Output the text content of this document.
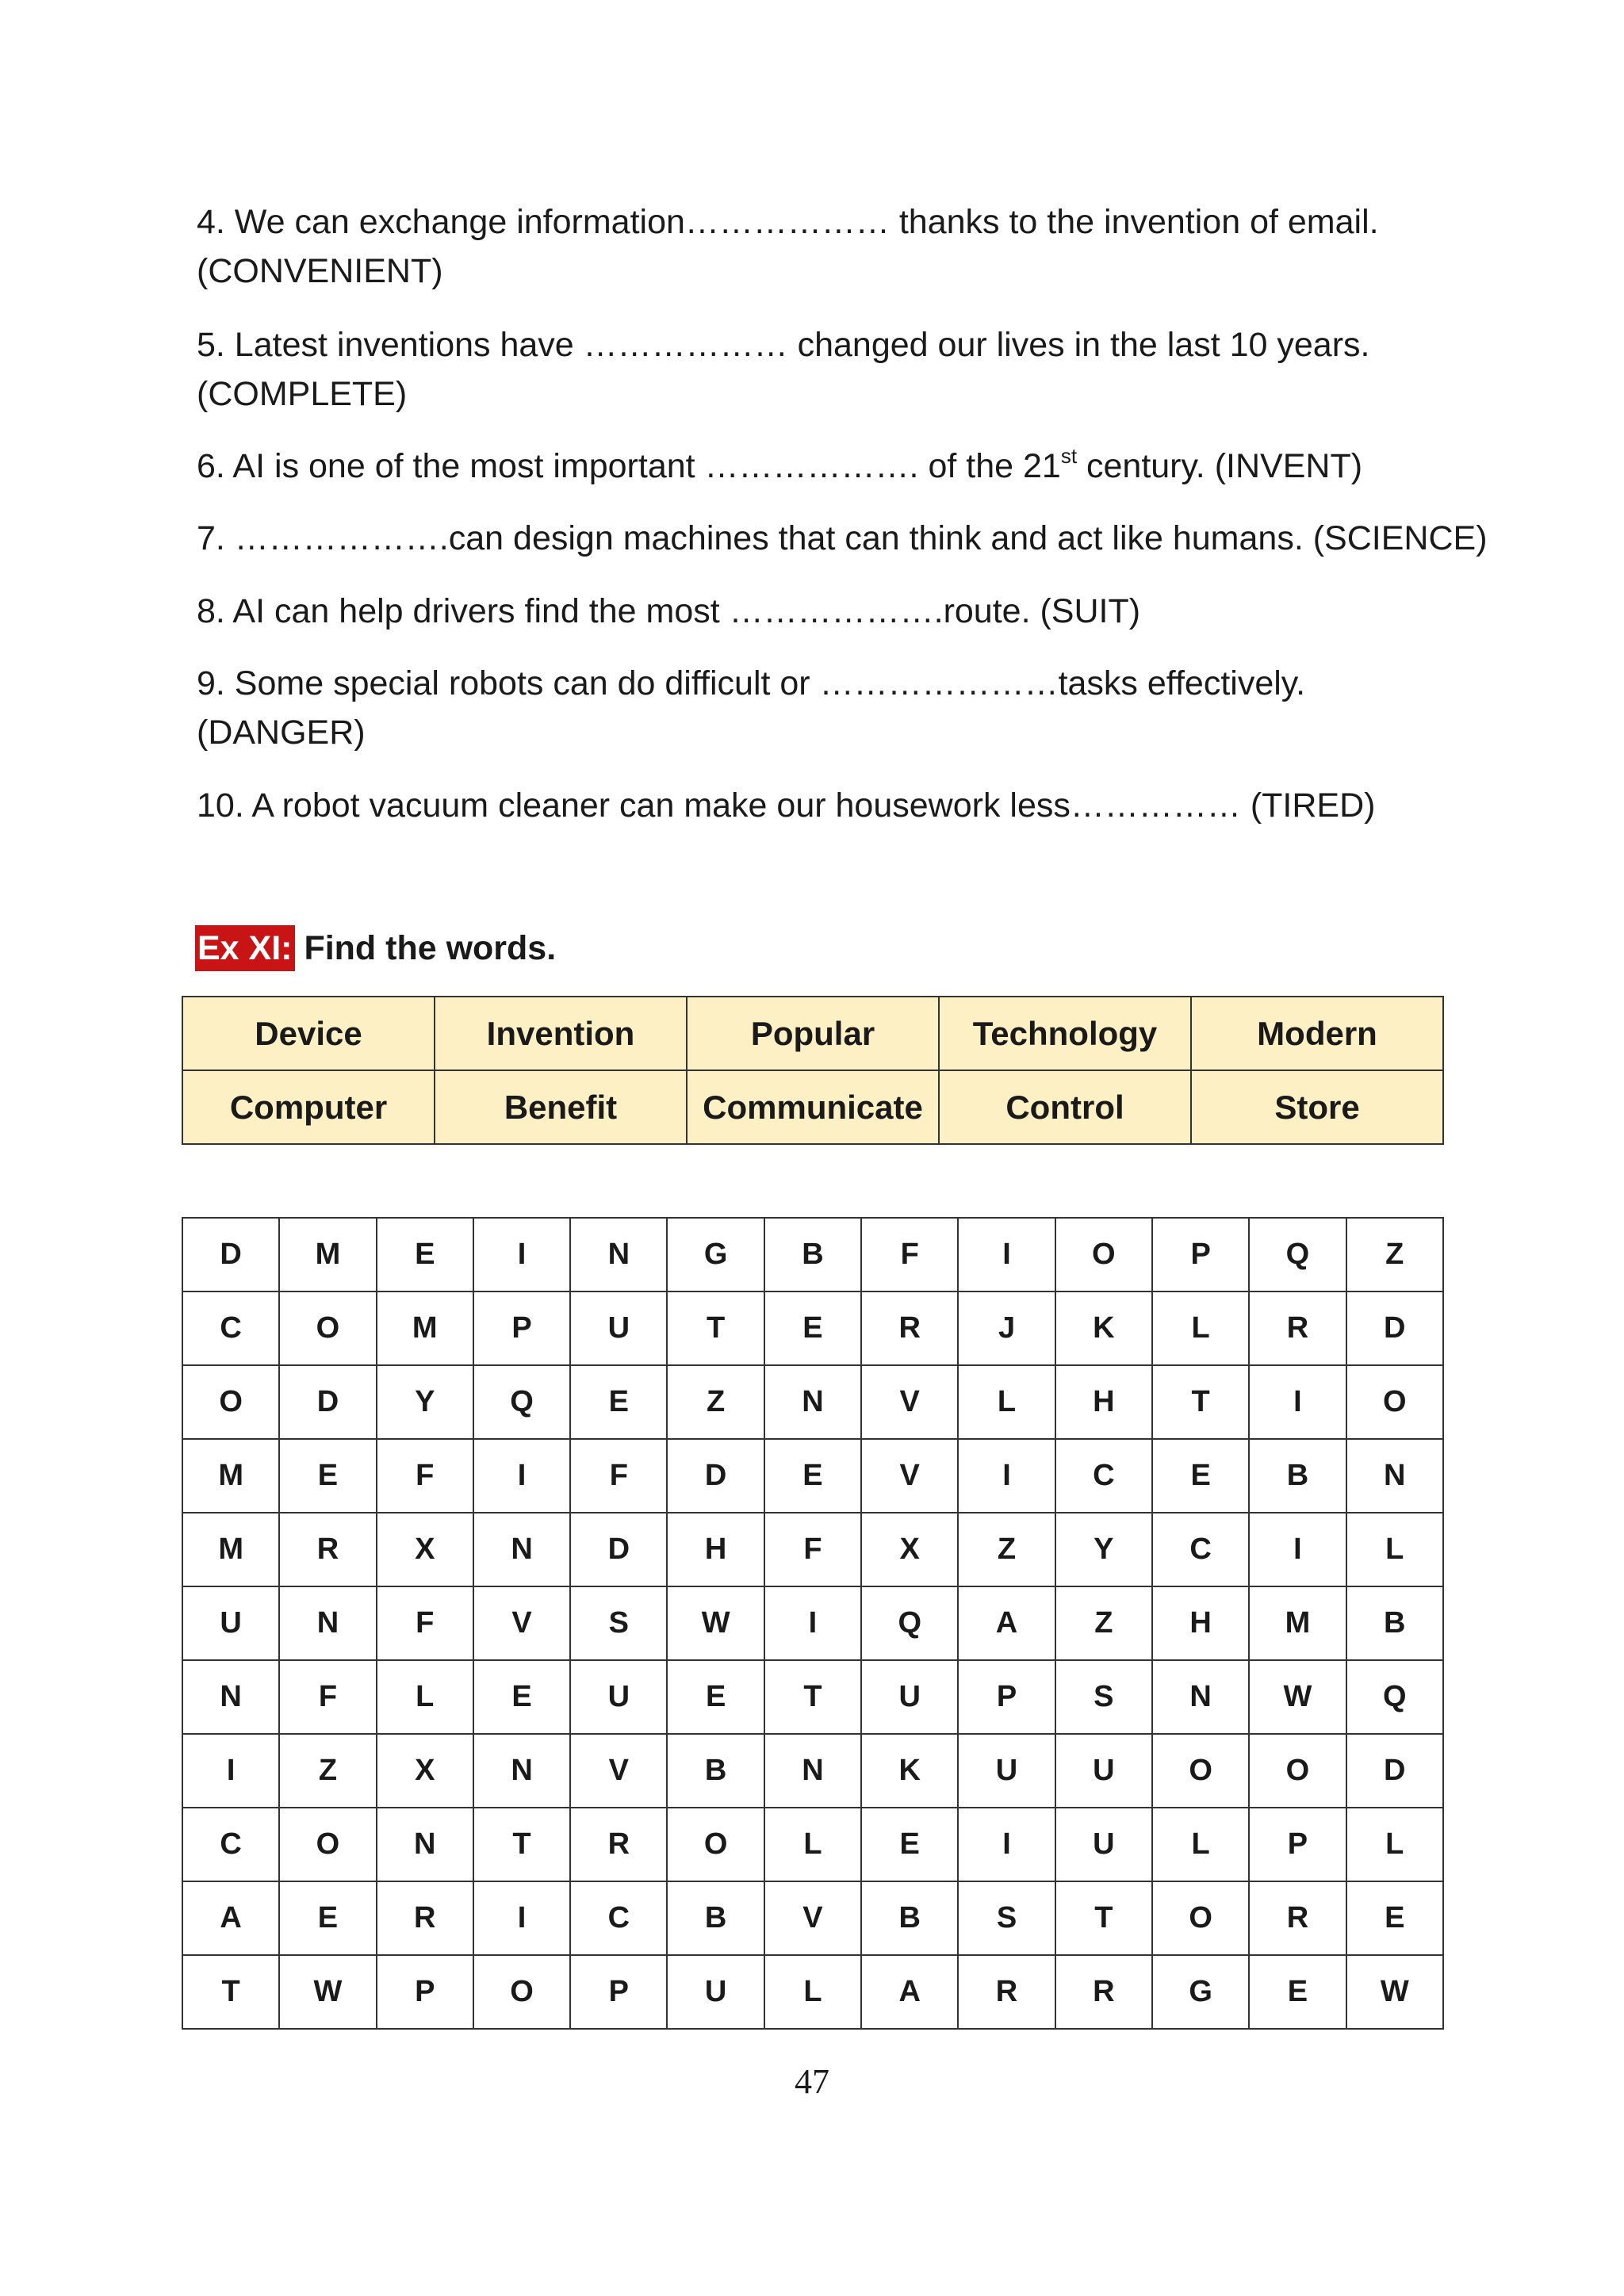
4. We can exchange information……………… thanks to the invention of email.
(CONVENIENT)
5. Latest inventions have ……………… changed our lives in the last 10 years.
(COMPLETE)
6. AI is one of the most important ………………. of the 21st century. (INVENT)
7. ……………….can design machines that can think and act like humans. (SCIENCE)
8. AI can help drivers find the most ……………….route. (SUIT)
9. Some special robots can do difficult or …………………tasks effectively.
(DANGER)
10. A robot vacuum cleaner can make our housework less…………… (TIRED)
Ex XI: Find the words.
Device	Invention	Popular	Technology	Modern
Computer	Benefit	Communicate	Control	Store
D	M	E	I	N	G	B	F	I	O	P	Q	Z
C	O	M	P	U	T	E	R	J	K	L	R	D
O	D	Y	Q	E	Z	N	V	L	H	T	I	O
M	E	F	I	F	D	E	V	I	C	E	B	N
M	R	X	N	D	H	F	X	Z	Y	C	I	L
U	N	F	V	S	W	I	Q	A	Z	H	M	B
N	F	L	E	U	E	T	U	P	S	N	W	Q
I	Z	X	N	V	B	N	K	U	U	O	O	D
C	O	N	T	R	O	L	E	I	U	L	P	L
A	E	R	I	C	B	V	B	S	T	O	R	E
T	W	P	O	P	U	L	A	R	R	G	E	W
47
